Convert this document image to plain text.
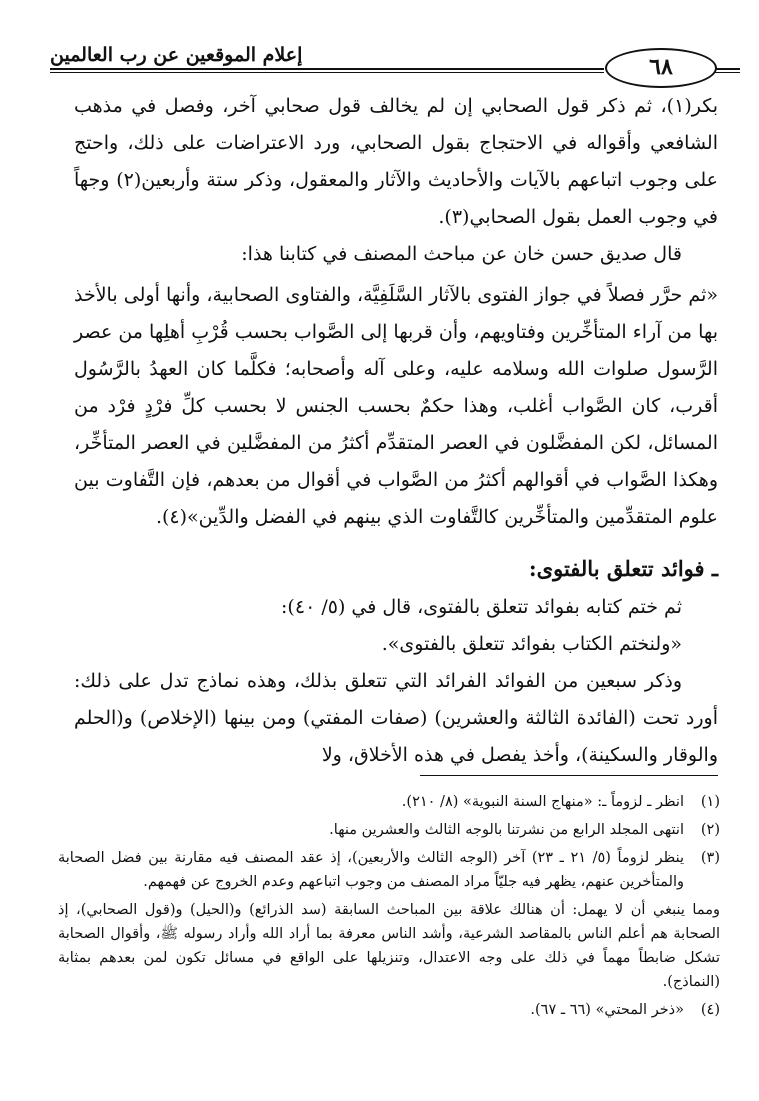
إعلام الموقعين عن رب العالمين	٦٨

بكر(١)، ثم ذكر قول الصحابي إن لم يخالف قول صحابي آخر، وفصل في مذهب الشافعي وأقواله في الاحتجاج بقول الصحابي، ورد الاعتراضات على ذلك، واحتج على وجوب اتباعهم بالآيات والأحاديث والآثار والمعقول، وذكر ستة وأربعين(٢) وجهاً في وجوب العمل بقول الصحابي(٣).

قال صديق حسن خان عن مباحث المصنف في كتابنا هذا:

«ثم حرَّر فصلاً في جواز الفتوى بالآثار السَّلَفِيَّة، والفتاوى الصحابية، وأنها أولى بالأخذ بها من آراء المتأخِّرين وفتاويهم، وأن قربها إلى الصَّواب بحسب قُرْبِ أهلِها من عصر الرَّسول صلوات الله وسلامه عليه، وعلى آله وأصحابه؛ فكلَّما كان العهدُ بالرَّسُول أقرب، كان الصَّواب أغلب، وهذا حكمٌ بحسب الجنس لا بحسب كلِّ فرْدٍ فرْد من المسائل، لكن المفضَّلون في العصر المتقدِّم أكثرُ من المفضَّلين في العصر المتأخِّر، وهكذا الصَّواب في أقوالهم أكثرُ من الصَّواب في أقوال من بعدهم، فإن التَّفاوت بين علوم المتقدِّمين والمتأخِّرين كالتَّفاوت الذي بينهم في الفضل والدِّين»(٤).

ـ فوائد تتعلق بالفتوى:

ثم ختم كتابه بفوائد تتعلق بالفتوى، قال في (٥/ ٤٠):

«ولنختم الكتاب بفوائد تتعلق بالفتوى».

وذكر سبعين من الفوائد الفرائد التي تتعلق بذلك، وهذه نماذج تدل على ذلك: أورد تحت (الفائدة الثالثة والعشرين) (صفات المفتي) ومن بينها (الإخلاص) و(الحلم والوقار والسكينة)، وأخذ يفصل في هذه الأخلاق، ولا

(١)
انظر ـ لزوماً ـ: «منهاج السنة النبوية» (٨/ ٢١٠).
(٢)
انتهى المجلد الرابع من نشرتنا بالوجه الثالث والعشرين منها.
(٣)
ينظر لزوماً (٥/ ٢١ ـ ٢٣) آخر (الوجه الثالث والأربعين)، إذ عقد المصنف فيه مقارنة بين فضل الصحابة والمتأخرين عنهم، يظهر فيه جليّاً مراد المصنف من وجوب اتباعهم وعدم الخروج عن فهمهم.
ومما ينبغي أن لا يهمل: أن هنالك علاقة بين المباحث السابقة (سد الذرائع) و(الحيل) و(قول الصحابي)، إذ الصحابة هم أعلم الناس بالمقاصد الشرعية، وأشد الناس معرفة بما أراد الله وأراد رسوله ﷺ، وأقوال الصحابة تشكل ضابطاً مهماً في ذلك على وجه الاعتدال، وتنزيلها على الواقع في مسائل تكون لمن بعدهم بمثابة (النماذج).
(٤)
«ذخر المحتي» (٦٦ ـ ٦٧).
